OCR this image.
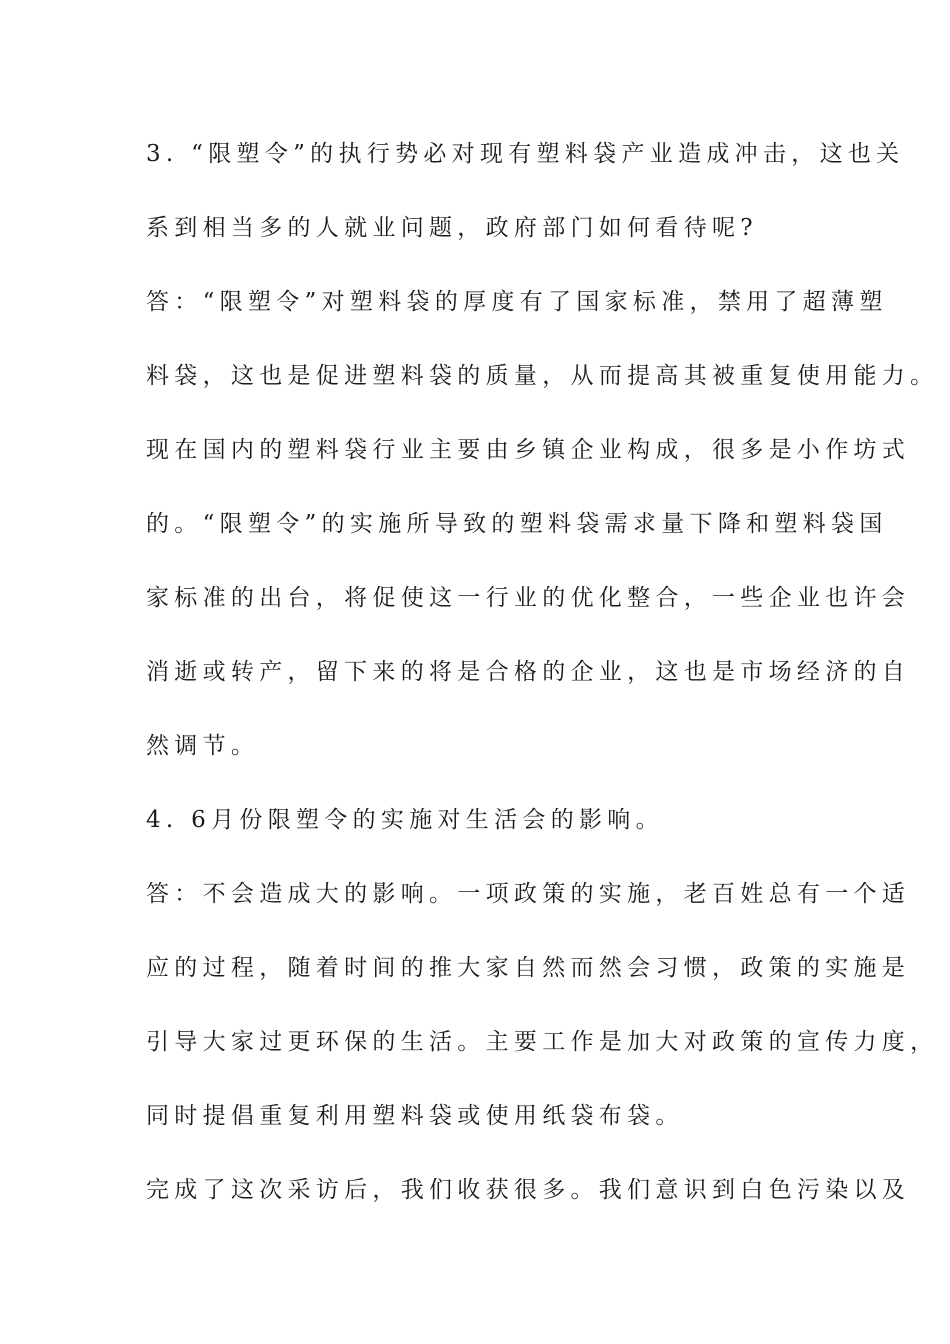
3. “限塑令”的执行势必对现有塑料袋产业造成冲击，这也关
系到相当多的人就业问题，政府部门如何看待呢?
答：“限塑令”对塑料袋的厚度有了国家标准，禁用了超薄塑
料袋，这也是促进塑料袋的质量，从而提高其被重复使用能力。
现在国内的塑料袋行业主要由乡镇企业构成，很多是小作坊式
的。“限塑令”的实施所导致的塑料袋需求量下降和塑料袋国
家标准的出台，将促使这一行业的优化整合，一些企业也许会
消逝或转产，留下来的将是合格的企业，这也是市场经济的自
然调节。
4. 6月份限塑令的实施对生活会的影响。
答：不会造成大的影响。一项政策的实施，老百姓总有一个适
应的过程，随着时间的推大家自然而然会习惯，政策的实施是
引导大家过更环保的生活。主要工作是加大对政策的宣传力度，
同时提倡重复利用塑料袋或使用纸袋布袋。
完成了这次采访后，我们收获很多。我们意识到白色污染以及
